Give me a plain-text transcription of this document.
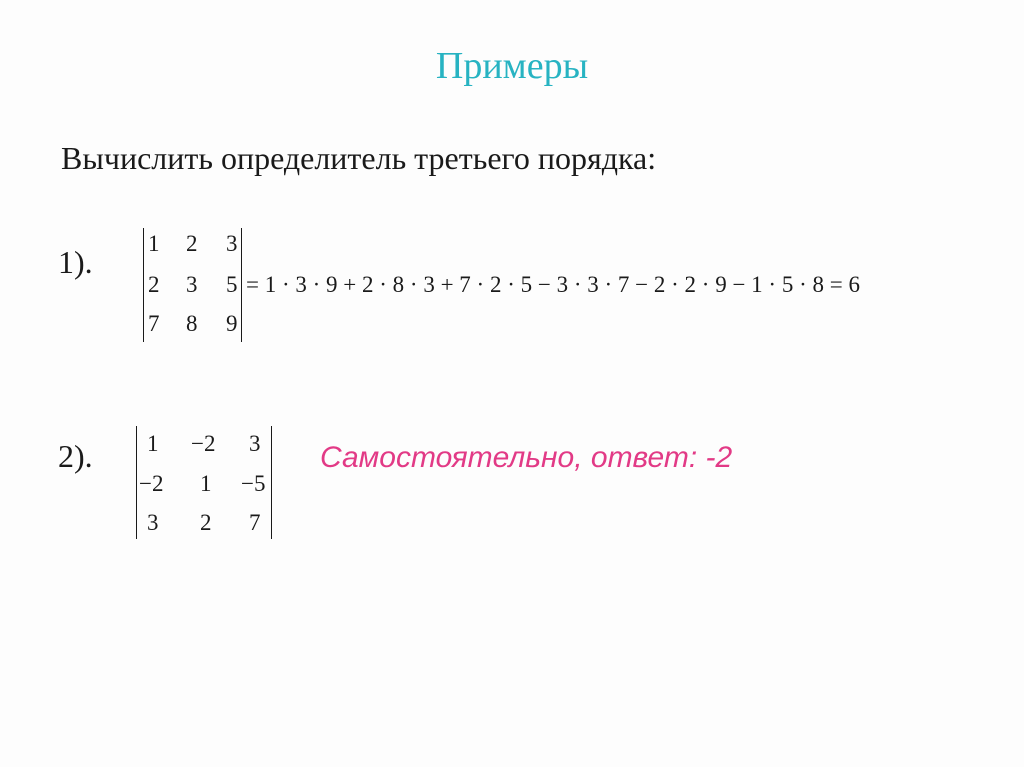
Примеры
Вычислить определитель третьего порядка:
1).
1 2 3
2 3 5
7 8 9
= 1 · 3 · 9 + 2 · 8 · 3 + 7 · 2 · 5 − 3 · 3 · 7 − 2 · 2 · 9 − 1 · 5 · 8 = 6
2). 1 −2 3
−2 1 −5
3 2 7
Самостоятельно, ответ: -2
